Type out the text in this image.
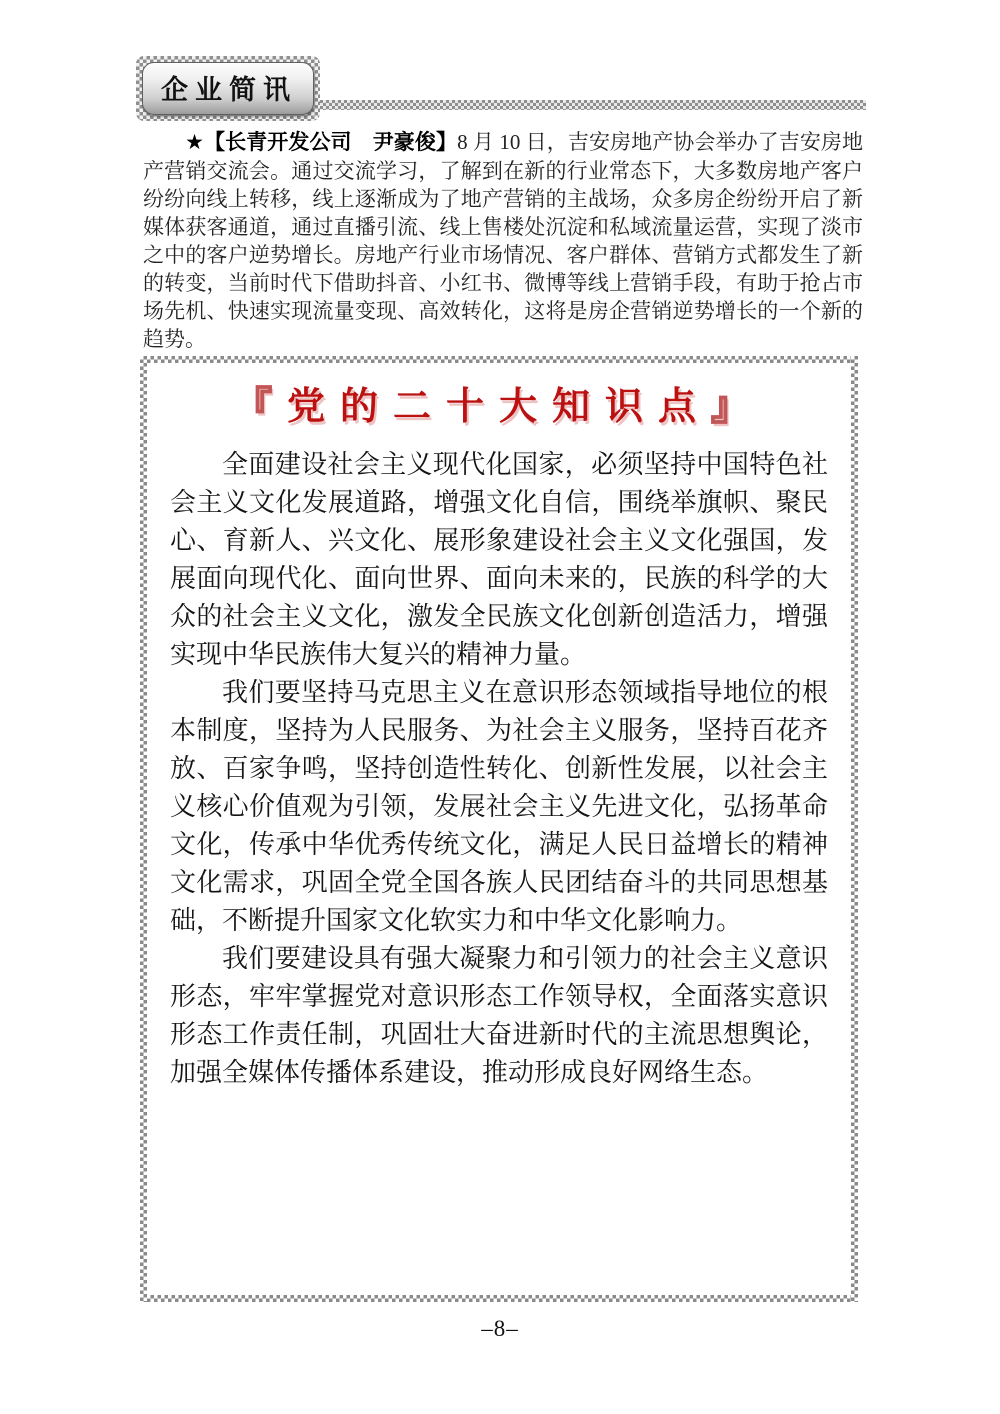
企业简讯
★【长青开发公司　尹豪俊】8 月 10 日，吉安房地产协会举办了吉安房地产营销交流会。通过交流学习，了解到在新的行业常态下，大多数房地产客户纷纷向线上转移，线上逐渐成为了地产营销的主战场，众多房企纷纷开启了新媒体获客通道，通过直播引流、线上售楼处沉淀和私域流量运营，实现了淡市之中的客户逆势增长。房地产行业市场情况、客户群体、营销方式都发生了新的转变，当前时代下借助抖音、小红书、微博等线上营销手段，有助于抢占市场先机、快速实现流量变现、高效转化，这将是房企营销逆势增长的一个新的趋势。
『党的二十大知识点』

全面建设社会主义现代化国家，必须坚持中国特色社会主义文化发展道路，增强文化自信，围绕举旗帜、聚民心、育新人、兴文化、展形象建设社会主义文化强国，发展面向现代化、面向世界、面向未来的，民族的科学的大众的社会主义文化，激发全民族文化创新创造活力，增强实现中华民族伟大复兴的精神力量。

我们要坚持马克思主义在意识形态领域指导地位的根本制度，坚持为人民服务、为社会主义服务，坚持百花齐放、百家争鸣，坚持创造性转化、创新性发展，以社会主义核心价值观为引领，发展社会主义先进文化，弘扬革命文化，传承中华优秀传统文化，满足人民日益增长的精神文化需求，巩固全党全国各族人民团结奋斗的共同思想基础，不断提升国家文化软实力和中华文化影响力。

我们要建设具有强大凝聚力和引领力的社会主义意识形态，牢牢掌握党对意识形态工作领导权，全面落实意识形态工作责任制，巩固壮大奋进新时代的主流思想舆论，加强全媒体传播体系建设，推动形成良好网络生态。

–8–
